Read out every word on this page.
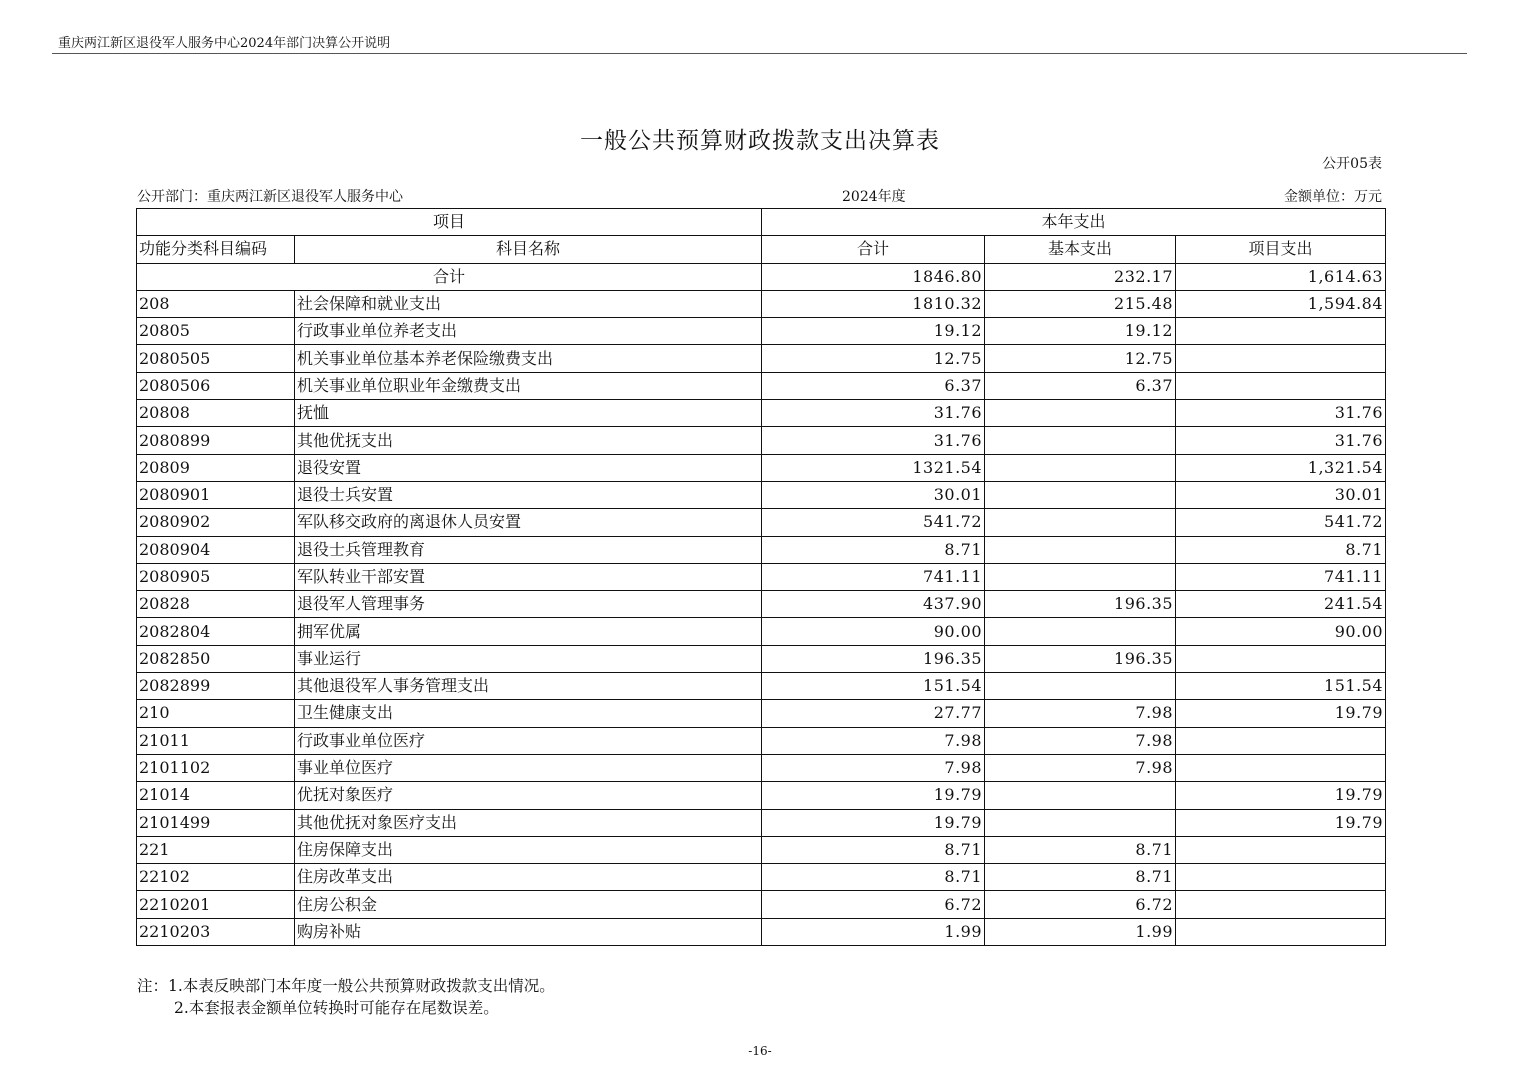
重庆两江新区退役军人服务中心2024年部门决算公开说明
一般公共预算财政拨款支出决算表
公开05表
公开部门：重庆两江新区退役军人服务中心	2024年度	金额单位：万元
项目		本年支出		
功能分类科目编码	科目名称	合计	基本支出	项目支出
合计		1846.80	232.17	1,614.63
208	社会保障和就业支出	1810.32	215.48	1,594.84
20805	行政事业单位养老支出	19.12	19.12	
2080505	机关事业单位基本养老保险缴费支出	12.75	12.75	
2080506	机关事业单位职业年金缴费支出	6.37	6.37	
20808	抚恤	31.76		31.76
2080899	其他优抚支出	31.76		31.76
20809	退役安置	1321.54		1,321.54
2080901	退役士兵安置	30.01		30.01
2080902	军队移交政府的离退休人员安置	541.72		541.72
2080904	退役士兵管理教育	8.71		8.71
2080905	军队转业干部安置	741.11		741.11
20828	退役军人管理事务	437.90	196.35	241.54
2082804	拥军优属	90.00		90.00
2082850	事业运行	196.35	196.35	
2082899	其他退役军人事务管理支出	151.54		151.54
210	卫生健康支出	27.77	7.98	19.79
21011	行政事业单位医疗	7.98	7.98	
2101102	事业单位医疗	7.98	7.98	
21014	优抚对象医疗	19.79		19.79
2101499	其他优抚对象医疗支出	19.79		19.79
221	住房保障支出	8.71	8.71	
22102	住房改革支出	8.71	8.71	
2210201	住房公积金	6.72	6.72	
2210203	购房补贴	1.99	1.99	
注：1.本表反映部门本年度一般公共预算财政拨款支出情况。
2.本套报表金额单位转换时可能存在尾数误差。
-16-
